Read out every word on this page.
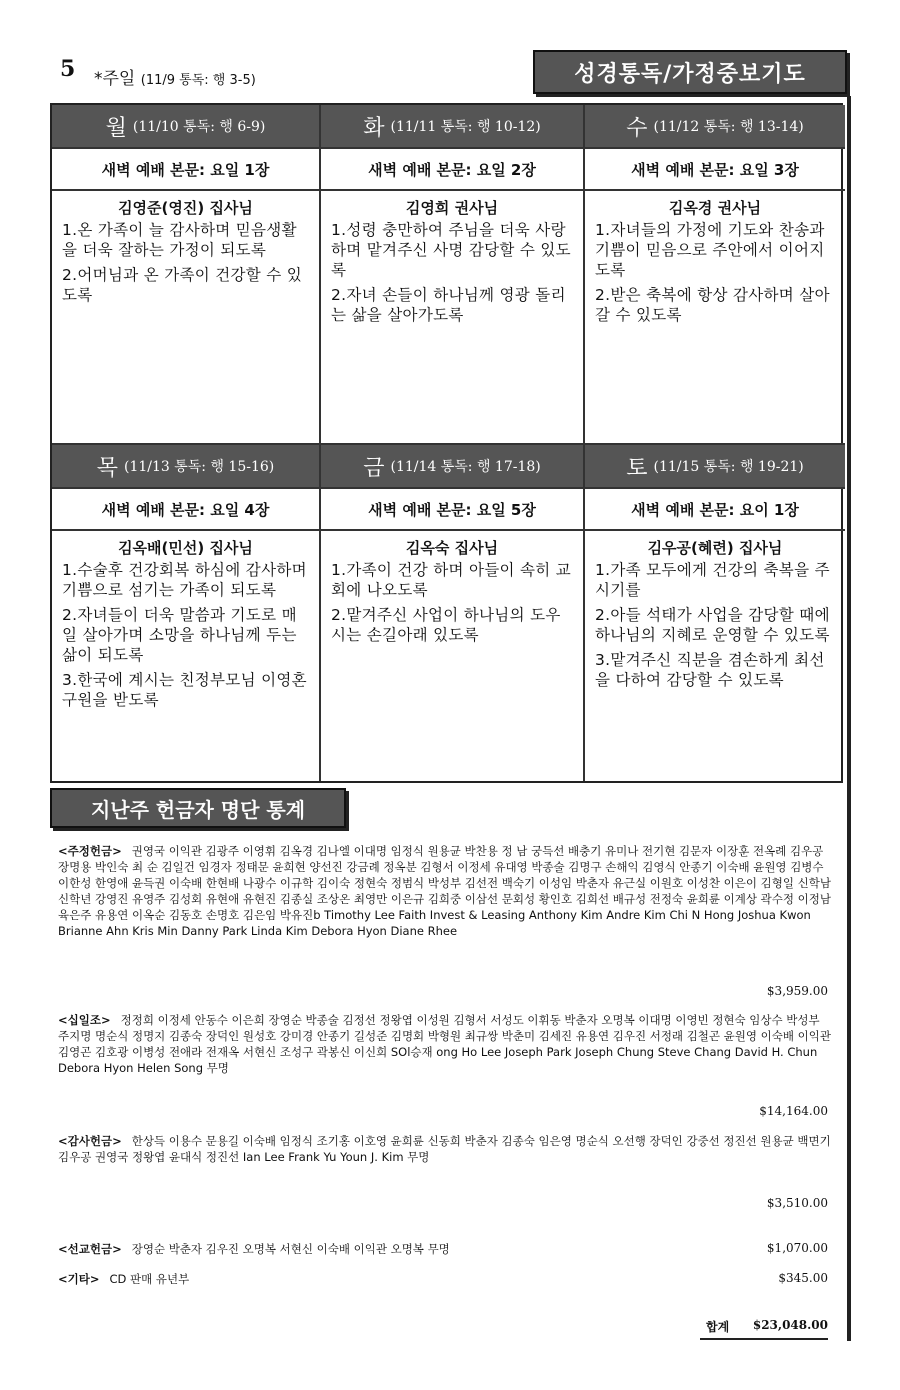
5 *주일 (11/9 통독: 행 3-5)	성경통독/가정중보기도
월 (11/10 통독: 행 6-9)
새벽 예배 본문: 요일 1장
김영준(영진) 집사님
1.온 가족이 늘 감사하며 믿음생활을 더욱 잘하는 가정이 되도록
2.어머님과 온 가족이 건강할 수 있도록
화 (11/11 통독: 행 10-12)
새벽 예배 본문: 요일 2장
김영희 권사님
1.성령 충만하여 주님을 더욱 사랑하며 맡겨주신 사명 감당할 수 있도록
2.자녀 손들이 하나님께 영광 돌리는 삶을 살아가도록
수 (11/12 통독: 행 13-14)
새벽 예배 본문: 요일 3장
김옥경 권사님
1.자녀들의 가정에 기도와 찬송과 기쁨이 믿음으로 주안에서 이어지도록
2.받은 축복에 항상 감사하며 살아 갈 수 있도록
목 (11/13 통독: 행 15-16)
새벽 예배 본문: 요일 4장
김옥배(민선) 집사님
1.수술후 건강회복 하심에 감사하며 기쁨으로 섬기는 가족이 되도록
2.자녀들이 더욱 말씀과 기도로 매일 살아가며 소망을 하나님께 두는 삶이 되도록
3.한국에 계시는 친정부모님 이영혼구원을 받도록
금 (11/14 통독: 행 17-18)
새벽 예배 본문: 요일 5장
김옥숙 집사님
1.가족이 건강 하며 아들이 속히 교회에 나오도록
2.맡겨주신 사업이 하나님의 도우시는 손길아래 있도록
토 (11/15 통독: 행 19-21)
새벽 예배 본문: 요이 1장
김우공(혜련) 집사님
1.가족 모두에게 건강의 축복을 주시기를
2.아들 석태가 사업을 감당할 때에 하나님의 지혜로 운영할 수 있도록
3.맡겨주신 직분을 겸손하게 최선을 다하여 감당할 수 있도록
지난주 헌금자 명단 통계
<주정헌금> 권영국 이익관 김광주 이영휘 김옥경 김나엘 이대명 임정식 원용균 박찬용 정 남 궁득선 배충기 유미나 전기현 김문자 이장훈 전옥례 김우공 장명용 박인숙 최 순 김일건 임경자 정태문 윤희현 양선진 강금례 정옥분 김형서 이정세 유대영 박종술 김명구 손해익 김영식 안종기 이숙배 윤원영 김병수 이한성 한영애 윤득권 이숙배 한현배 나광수 이규학 김이숙 정현숙 정범식 박성부 김선전 백숙기 이성임 박춘자 유근실 이원호 이성찬 이은이 김형일 신학남 신학년 강영진 유영주 김성회 유현애 유현진 김종실 조상온 최영만 이은규 김희중 이삼선 문회성 황인호 김희선 배규성 전정숙 윤희륜 이계상 곽수정 이정남 육은주 유용연 이옥순 김동호 손명호 김은임 박유진b Timothy Lee Faith Invest & Leasing Anthony Kim Andre Kim Chi N Hong Joshua Kwon Brianne Ahn Kris Min Danny Park Linda Kim Debora Hyon Diane Rhee
$3,959.00
<십일조> 정정희 이정세 안동수 이은희 장영순 박종술 김정선 정왕엽 이성원 김형서 서성도 이휘동 박춘자 오명복 이대명 이영빈 정현숙 임상수 박성부 주지명 명순식 정명지 김종숙 장덕인 원성호 강미경 안종기 길성준 김명회 박형원 최규쌍 박춘미 김세진 유용연 김우진 서정래 김철곤 윤원영 이숙배 이익관 김영곤 김호광 이병성 전애라 전재옥 서현신 조성구 곽봉신 이신희 SOl승재 ong Ho Lee Joseph Park Joseph Chung Steve Chang David H. Chun Debora Hyon Helen Song 무명
$14,164.00
<감사헌금> 한상득 이용수 문용길 이숙배 임정식 조기홍 이호영 윤희륜 신동희 박춘자 김종숙 임은영 명순식 오선행 장덕인 강중선 정진선 원용균 백면기 김우공 권영국 정왕엽 윤대식 정진선 Ian Lee Frank Yu Youn J. Kim 무명
$3,510.00
<선교헌금> 장영순 박춘자 김우진 오명복 서현신 이숙배 이익관 오명복 무명	$1,070.00
<기타> CD 판매 유년부	$345.00
합계 $23,048.00
